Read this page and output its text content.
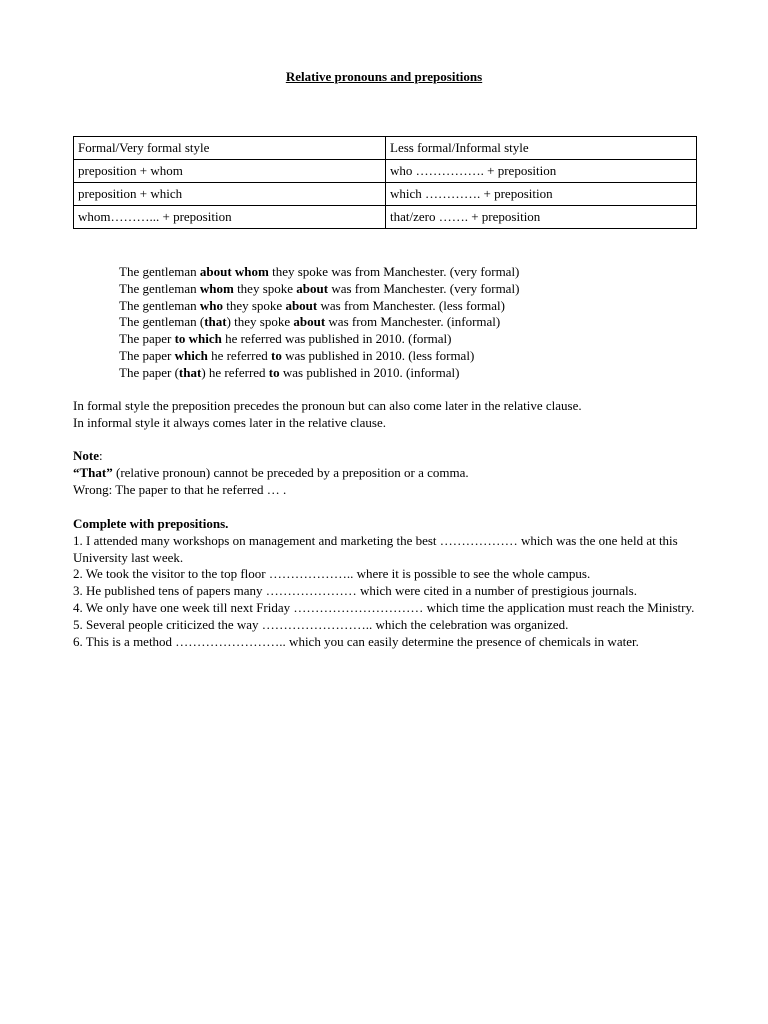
Relative pronouns and prepositions
Formal/Very formal style	Less formal/Informal style
preposition + whom	who ……………. + preposition
preposition + which	which …………. + preposition
whom………... + preposition	that/zero ……. + preposition
The gentleman about whom they spoke was from Manchester. (very formal)
The gentleman whom they spoke about was from Manchester. (very formal)
The gentleman who they spoke about was from Manchester. (less formal)
The gentleman (that) they spoke about was from Manchester. (informal)
The paper to which he referred was published in 2010. (formal)
The paper which he referred to was published in 2010. (less formal)
The paper (that) he referred to was published in 2010. (informal)
In formal style the preposition precedes the pronoun but can also come later in the relative clause.
In informal style it always comes later in the relative clause.
Note:
“That” (relative pronoun) cannot be preceded by a preposition or a comma.
Wrong: The paper to that he referred … .
Complete with prepositions.
1. I attended many workshops on management and marketing the best ……………… which was the one held at this University last week.
2. We took the visitor to the top floor ……………….. where it is possible to see the whole campus.
3. He published tens of papers many ………………… which were cited in a number of prestigious journals.
4. We only have one week till next Friday ………………………… which time the application must reach the Ministry.
5. Several people criticized the way …………………….. which the celebration was organized.
6. This is a method …………………….. which you can easily determine the presence of chemicals in water.
